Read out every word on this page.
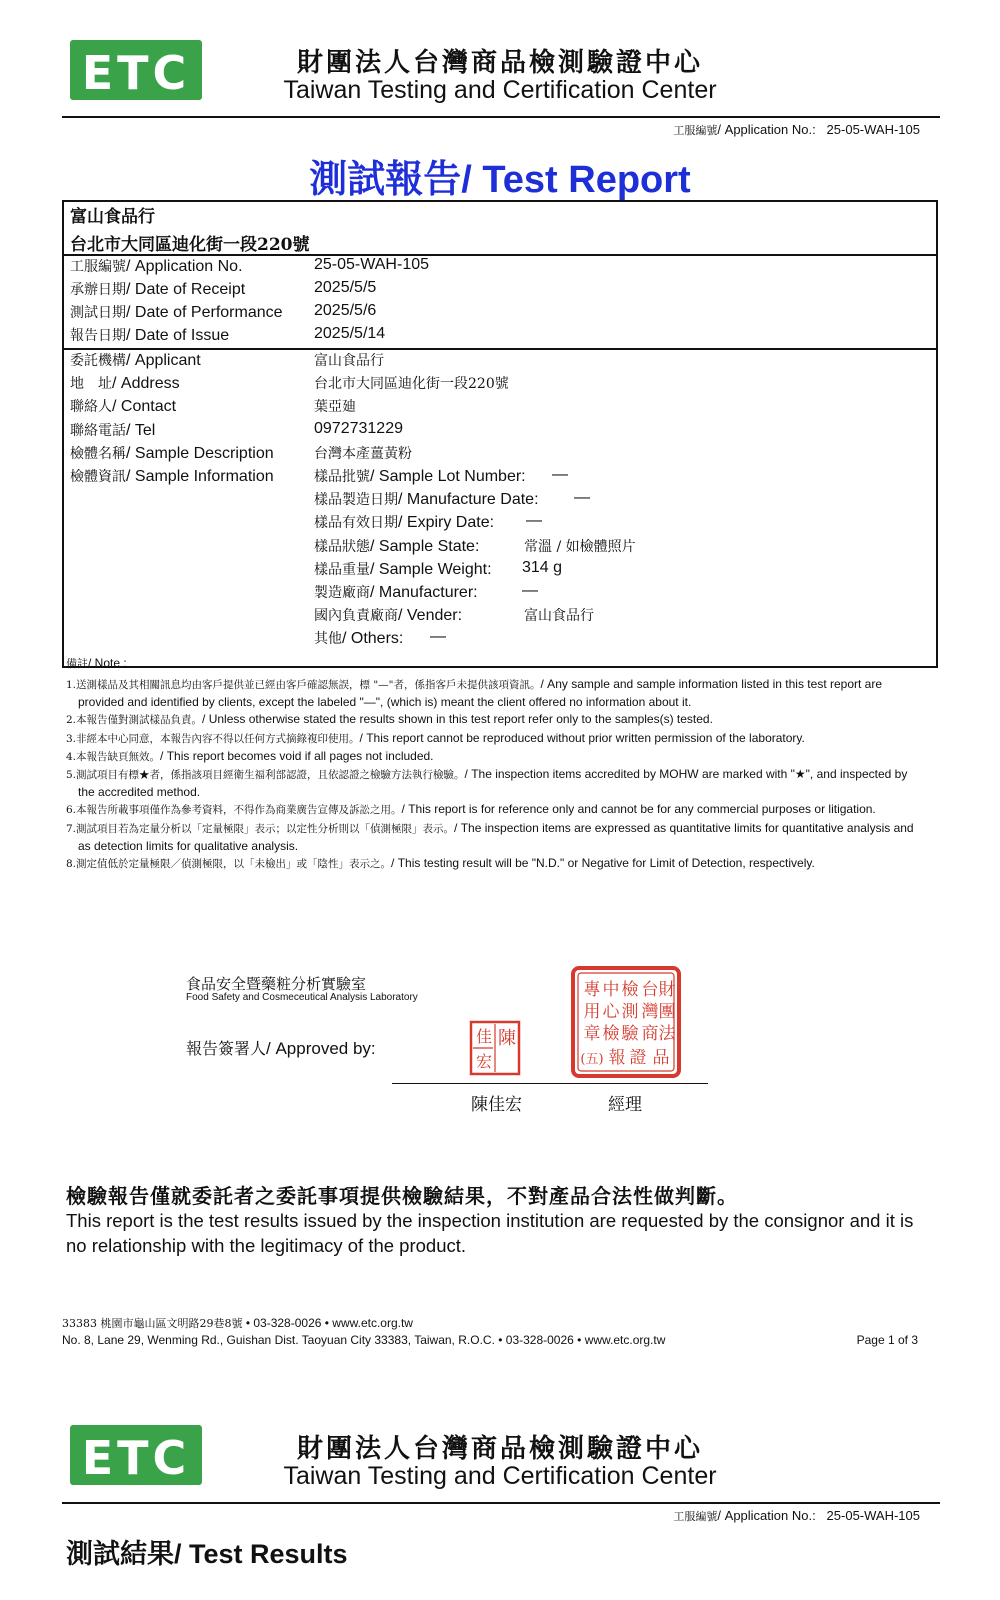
ETC	財團法人台灣商品檢測驗證中心
Taiwan Testing and Certification Center
工服編號/ Application No.: 25-05-WAH-105
測試報告/ Test Report
富山食品行
台北市大同區迪化街一段220號
工服編號/ Application No.	25-05-WAH-105
承辦日期/ Date of Receipt	2025/5/5
測試日期/ Date of Performance 2025/5/6
報告日期/ Date of Issue	2025/5/14
委託機構/ Applicant	富山食品行
地　址/ Address	台北市大同區迪化街一段220號
聯絡人/ Contact	葉亞廸
聯絡電話/ Tel	0972731229
檢體名稱/ Sample Description	台灣本產薑黃粉
檢體資訊/ Sample Information	樣品批號/ Sample Lot Number: —
樣品製造日期/ Manufacture Date: —
樣品有效日期/ Expiry Date: —
樣品狀態/ Sample State:	常溫 / 如檢體照片
樣品重量/ Sample Weight: 314 g
製造廠商/ Manufacturer:	—
國內負責廠商/ Vender:	富山食品行
其他/ Others: —
備註/ Note :

1.送測樣品及其相關訊息均由客戶提供並已經由客戶確認無誤，標 "—"者，係指客戶未提供該項資訊。/ Any sample and sample information listed in this test report are provided and identified by clients, except the labeled "—", (which is) meant the client offered no information about it.

2.本報告僅對測試樣品負責。/ Unless otherwise stated the results shown in this test report refer only to the samples(s) tested.

3.非經本中心同意，本報告內容不得以任何方式摘錄複印使用。/ This report cannot be reproduced without prior written permission of the laboratory.

4.本報告缺頁無效。/ This report becomes void if all pages not included.

5.測試項目有標★者，係指該項目經衛生福利部認證，且依認證之檢驗方法執行檢驗。/ The inspection items accredited by MOHW are marked with "★", and inspected by the accredited method.

6.本報告所載事項僅作為參考資料，不得作為商業廣告宣傳及訴訟之用。/ This report is for reference only and cannot be for any commercial purposes or litigation.

7.測試項目若為定量分析以「定量極限」表示；以定性分析則以「偵測極限」表示。/ The inspection items are expressed as quantitative limits for quantitative analysis and as detection limits for qualitative analysis.

8.測定值低於定量極限／偵測極限，以「未檢出」或「陰性」表示之。/ This testing result will be "N.D." or Negative for Limit of Detection, respectively.

食品安全暨藥粧分析實驗室
Food Safety and Cosmeceutical Analysis Laboratory
報告簽署人/ Approved by:	陳
佳
宏
專 中 檢 台 財
用 心 測 灣 團
章 檢 驗 商 法
(五) 報 證 品
陳佳宏	經理
檢驗報告僅就委託者之委託事項提供檢驗結果，不對產品合法性做判斷。
This report is the test results issued by the inspection institution are requested by the consignor and it is no relationship with the legitimacy of the product.
33383 桃園市龜山區文明路29巷8號 • 03-328-0026 • www.etc.org.tw
No. 8, Lane 29, Wenming Rd., Guishan Dist. Taoyuan City 33383, Taiwan, R.O.C. • 03-328-0026 • www.etc.org.tw	Page 1 of 3
ETC	財團法人台灣商品檢測驗證中心
Taiwan Testing and Certification Center
工服編號/ Application No.: 25-05-WAH-105
測試結果/ Test Results
